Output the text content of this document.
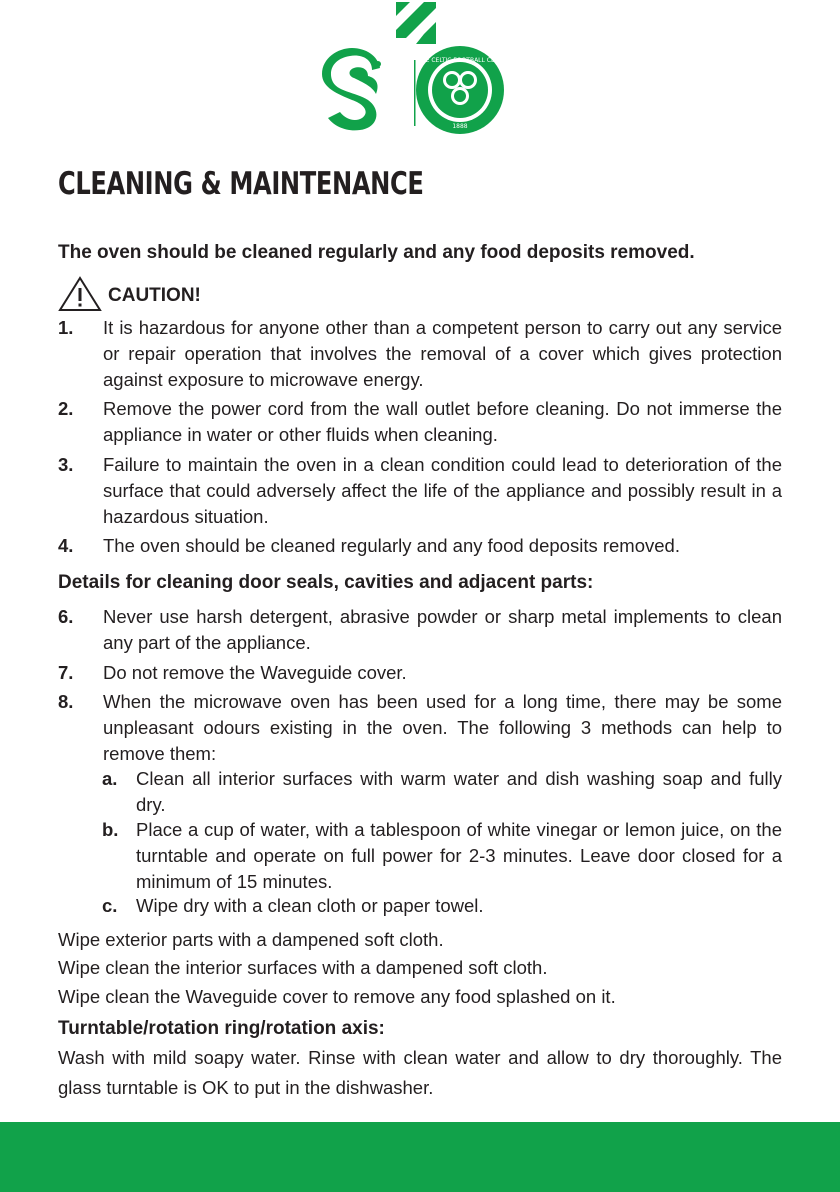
THE CELTIC FOOTBALL CLUB
1888
CLEANING & MAINTENANCE
The oven should be cleaned regularly and any food deposits removed.
CAUTION!
1. It is hazardous for anyone other than a competent person to carry out any service or repair operation that involves the removal of a cover which gives protection against exposure to microwave energy.
2. Remove the power cord from the wall outlet before cleaning. Do not immerse the appliance in water or other fluids when cleaning.
3. Failure to maintain the oven in a clean condition could lead to deterioration of the surface that could adversely affect the life of the appliance and possibly result in a hazardous situation.
4. The oven should be cleaned regularly and any food deposits removed.
Details for cleaning door seals, cavities and adjacent parts:
6. Never use harsh detergent, abrasive powder or sharp metal implements to clean any part of the appliance.
7. Do not remove the Waveguide cover.
8. When the microwave oven has been used for a long time, there may be some unpleasant odours existing in the oven. The following 3 methods can help to remove them:
a. Clean all interior surfaces with warm water and dish washing soap and fully dry.
b. Place a cup of water, with a tablespoon of white vinegar or lemon juice, on the turntable and operate on full power for 2-3 minutes. Leave door closed for a minimum of 15 minutes.
c. Wipe dry with a clean cloth or paper towel.
Wipe exterior parts with a dampened soft cloth.
Wipe clean the interior surfaces with a dampened soft cloth.
Wipe clean the Waveguide cover to remove any food splashed on it.
Turntable/rotation ring/rotation axis:
Wash with mild soapy water. Rinse with clean water and allow to dry thoroughly. The glass turntable is OK to put in the dishwasher.
